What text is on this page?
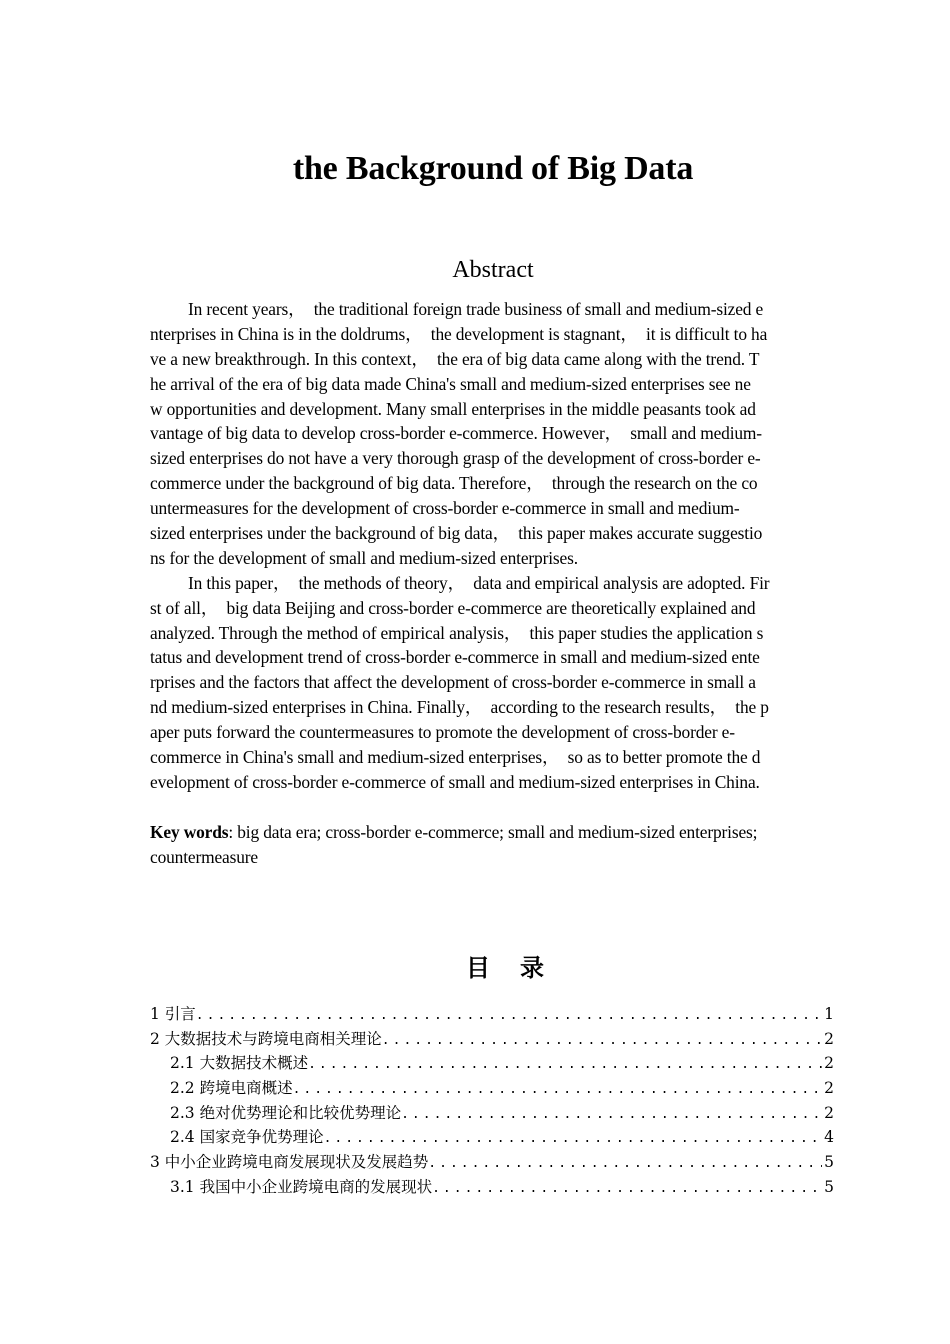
the Background of Big Data
Abstract
In recent years，  the traditional foreign trade business of small and medium-sized e
nterprises in China is in the doldrums，  the development is stagnant，  it is difficult to ha
ve a new breakthrough. In this context，  the era of big data came along with the trend. T
he arrival of the era of big data made China's small and medium-sized enterprises see ne
w opportunities and development. Many small enterprises in the middle peasants took ad
vantage of big data to develop cross-border e-commerce. However，  small and medium-
sized enterprises do not have a very thorough grasp of the development of cross-border e-
commerce under the background of big data. Therefore，  through the research on the co
untermeasures for the development of cross-border e-commerce in small and medium-
sized enterprises under the background of big data，  this paper makes accurate suggestio
ns for the development of small and medium-sized enterprises.
In this paper，  the methods of theory，  data and empirical analysis are adopted. Fir
st of all，  big data Beijing and cross-border e-commerce are theoretically explained and
analyzed. Through the method of empirical analysis，  this paper studies the application s
tatus and development trend of cross-border e-commerce in small and medium-sized ente
rprises and the factors that affect the development of cross-border e-commerce in small a
nd medium-sized enterprises in China. Finally，  according to the research results，  the p
aper puts forward the countermeasures to promote the development of cross-border e-
commerce in China's small and medium-sized enterprises，  so as to better promote the d
evelopment of cross-border e-commerce of small and medium-sized enterprises in China.
Key words: big data era; cross-border e-commerce; small and medium-sized enterprises;
countermeasure
目录
1 引言 .....	1
2 大数据技术与跨境电商相关理论 .....	2
2.1 大数据技术概述 .....	2
2.2 跨境电商概述 .....	2
2.3 绝对优势理论和比较优势理论 .....	2
2.4 国家竞争优势理论 .....	4
3 中小企业跨境电商发展现状及发展趋势 .....	5
3.1 我国中小企业跨境电商的发展现状 .....	5
